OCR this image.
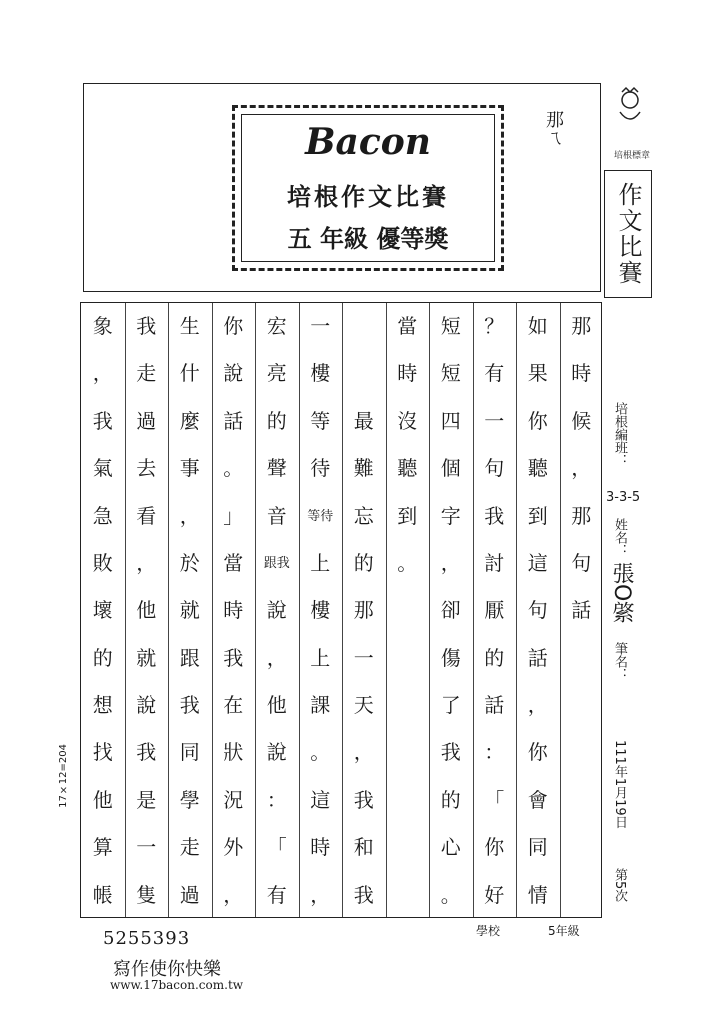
Bacon
培根作文比賽
五 年級 優等獎
那ㄟ
培根標章
作文比賽
培根編班：
3-3-5
姓名：
張O綮
筆名：
111年1月19日
第5次
17×12=204
那
時
候
，
那
句
話
如
果
你
聽
到
這
句
話
，
你
會
同
情
？
有
一
句
我
討
厭
的
話
：
「
你
好
短
短
四
個
字
，
卻
傷
了
我
的
心
。
當
時
沒
聽
到
。
最
難
忘
的
那
一
天
，
我
和
我
一
樓
等
待
等待
上
樓
上
課
。
這
時
，
宏
亮
的
聲
音
跟我
說
，
他
說
：
「
有
你
說
話
。
」
當
時
我
在
狀
況
外
，
生
什
麼
事
，
於
就
跟
我
同
學
走
過
我
走
過
去
看
，
他
就
說
我
是
一
隻
象
，
我
氣
急
敗
壞
的
想
找
他
算
帳
5255393
寫作使你快樂
www.17bacon.com.tw
學校	5年級
